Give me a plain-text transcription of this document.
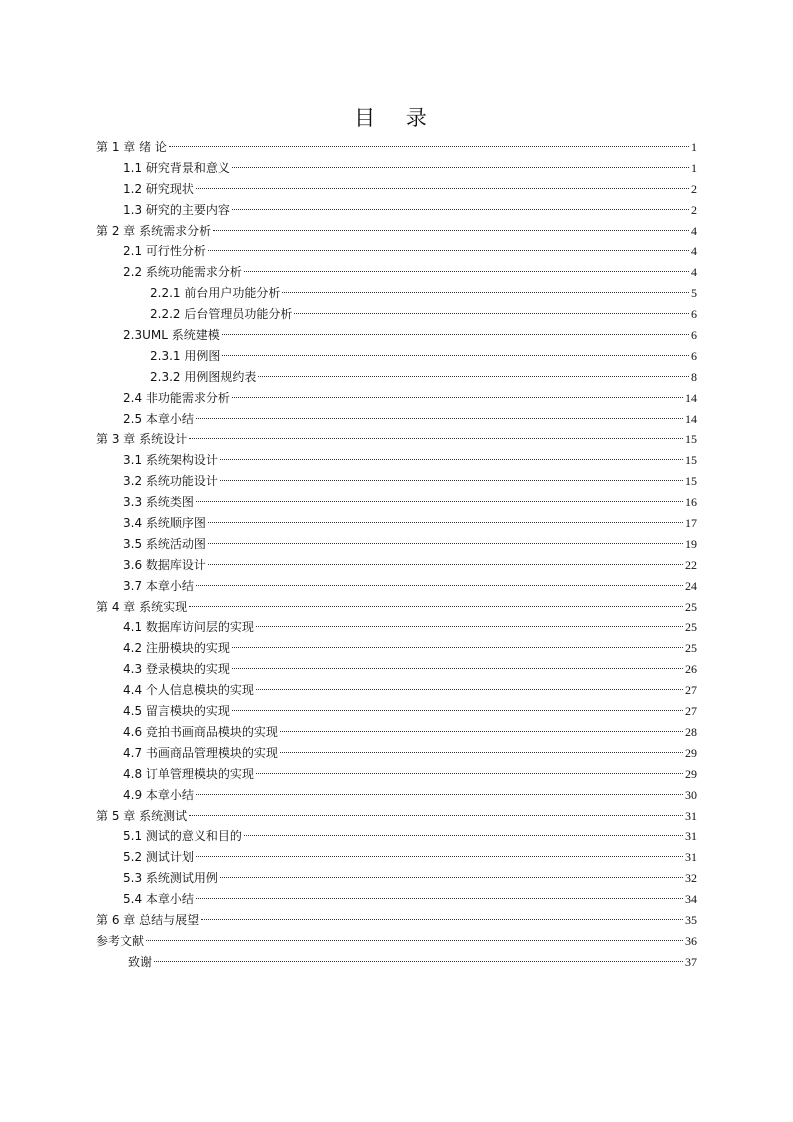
目 录
第 1 章 绪 论	1
1.1 研究背景和意义	1
1.2 研究现状	2
1.3 研究的主要内容	2
第 2 章 系统需求分析	4
2.1 可行性分析	4
2.2 系统功能需求分析	4
2.2.1 前台用户功能分析	5
2.2.2 后台管理员功能分析	6
2.3UML 系统建模	6
2.3.1 用例图	6
2.3.2 用例图规约表	8
2.4 非功能需求分析	14
2.5 本章小结	14
第 3 章 系统设计	15
3.1 系统架构设计	15
3.2 系统功能设计	15
3.3 系统类图	16
3.4 系统顺序图	17
3.5 系统活动图	19
3.6 数据库设计	22
3.7 本章小结	24
第 4 章 系统实现	25
4.1 数据库访问层的实现	25
4.2 注册模块的实现	25
4.3 登录模块的实现	26
4.4 个人信息模块的实现	27
4.5 留言模块的实现	27
4.6 竞拍书画商品模块的实现	28
4.7 书画商品管理模块的实现	29
4.8 订单管理模块的实现	29
4.9 本章小结	30
第 5 章 系统测试	31
5.1 测试的意义和目的	31
5.2 测试计划	31
5.3 系统测试用例	32
5.4 本章小结	34
第 6 章 总结与展望	35
参考文献	36
致谢	37
